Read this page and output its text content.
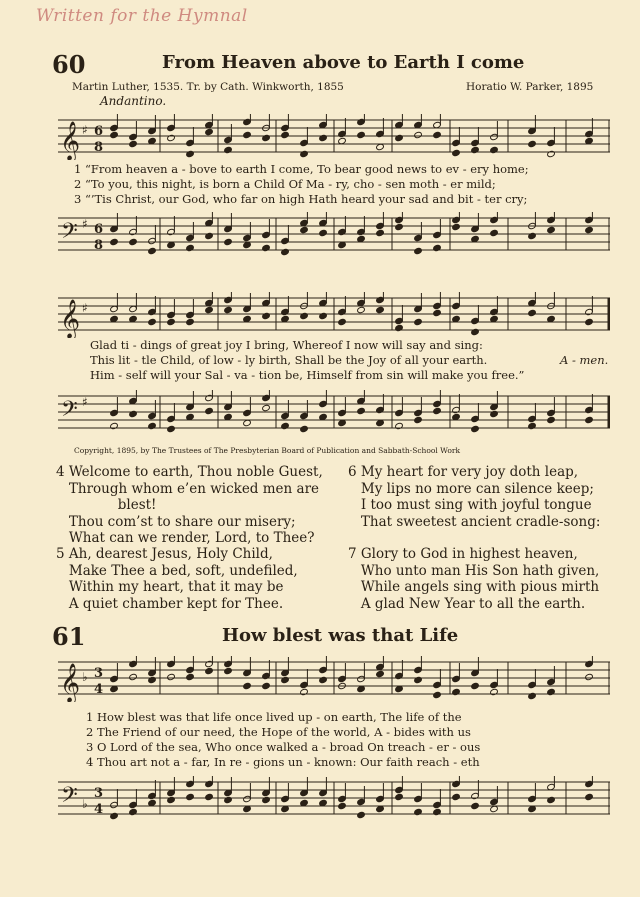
Written for the Hymnal
60	From Heaven above to Earth I come
Martin Luther, 1535. Tr. by Cath. Winkworth, 1855	Horatio W. Parker, 1895
Andantino.
𝄞 ♯ 6
8
1 “From heaven a - bove to earth I come, To bear good news to ev - ery home;
2 “To you, this night, is born a Child Of Ma - ry, cho - sen moth - er mild;
3 “’Tis Christ, our God, who far on high Hath heard your sad and bit - ter cry;
𝄢 ♯ 6
8
𝄞 ♯
Glad ti - dings of great joy I bring, Whereof I now will say and sing:
This lit - tle Child, of low - ly birth, Shall be the Joy of all your earth.	A - men.
Him - self will your Sal - va - tion be, Himself from sin will make you free.”
𝄢 ♯
Copyright, 1895, by The Trustees of The Presbyterian Board of Publication and Sabbath-School Work
4 Welcome to earth, Thou noble Guest,
Through whom e’en wicked men are
blest!
Thou com’st to share our misery;
What can we render, Lord, to Thee?
6 My heart for very joy doth leap,
My lips no more can silence keep;
I too must sing with joyful tongue
That sweetest ancient cradle-song:
5 Ah, dearest Jesus, Holy Child,
Make Thee a bed, soft, undefiled,
Within my heart, that it may be
A quiet chamber kept for Thee.
7 Glory to God in highest heaven,
Who unto man His Son hath given,
While angels sing with pious mirth
A glad New Year to all the earth.
61	How blest was that Life
𝄞 ♭ 3
4
1 How blest was that life once lived up - on earth, The life of the
2 The Friend of our need, the Hope of the world, A - bides with us
3 O Lord of the sea, Who once walked a - broad On treach - er - ous
4 Thou art not a - far, In re - gions un - known: Our faith reach - eth
𝄢 ♭
3
4
